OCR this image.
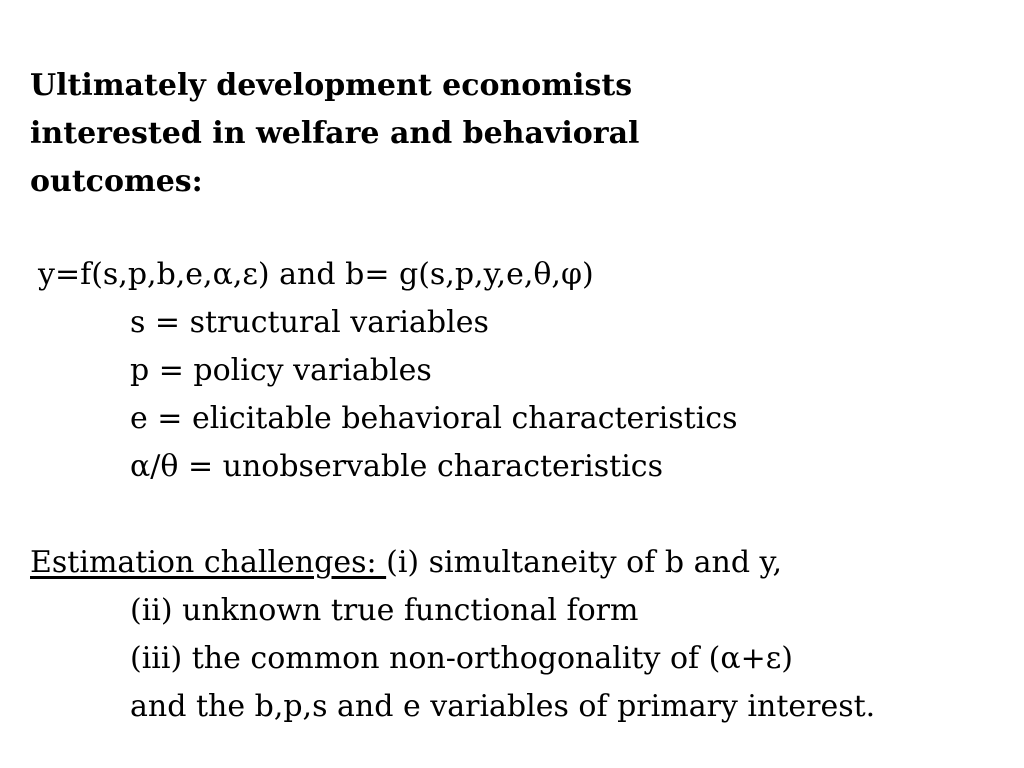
Ultimately development economists
interested in welfare and behavioral
outcomes:
y=f(s,p,b,e,α,ε) and b= g(s,p,y,e,θ,φ)
s = structural variables
p = policy variables
e = elicitable behavioral characteristics
α/θ = unobservable characteristics
Estimation challenges: (i) simultaneity of b and y,
(ii) unknown true functional form
(iii) the common non-orthogonality of (α+ε)
and the b,p,s and e variables of primary interest.
